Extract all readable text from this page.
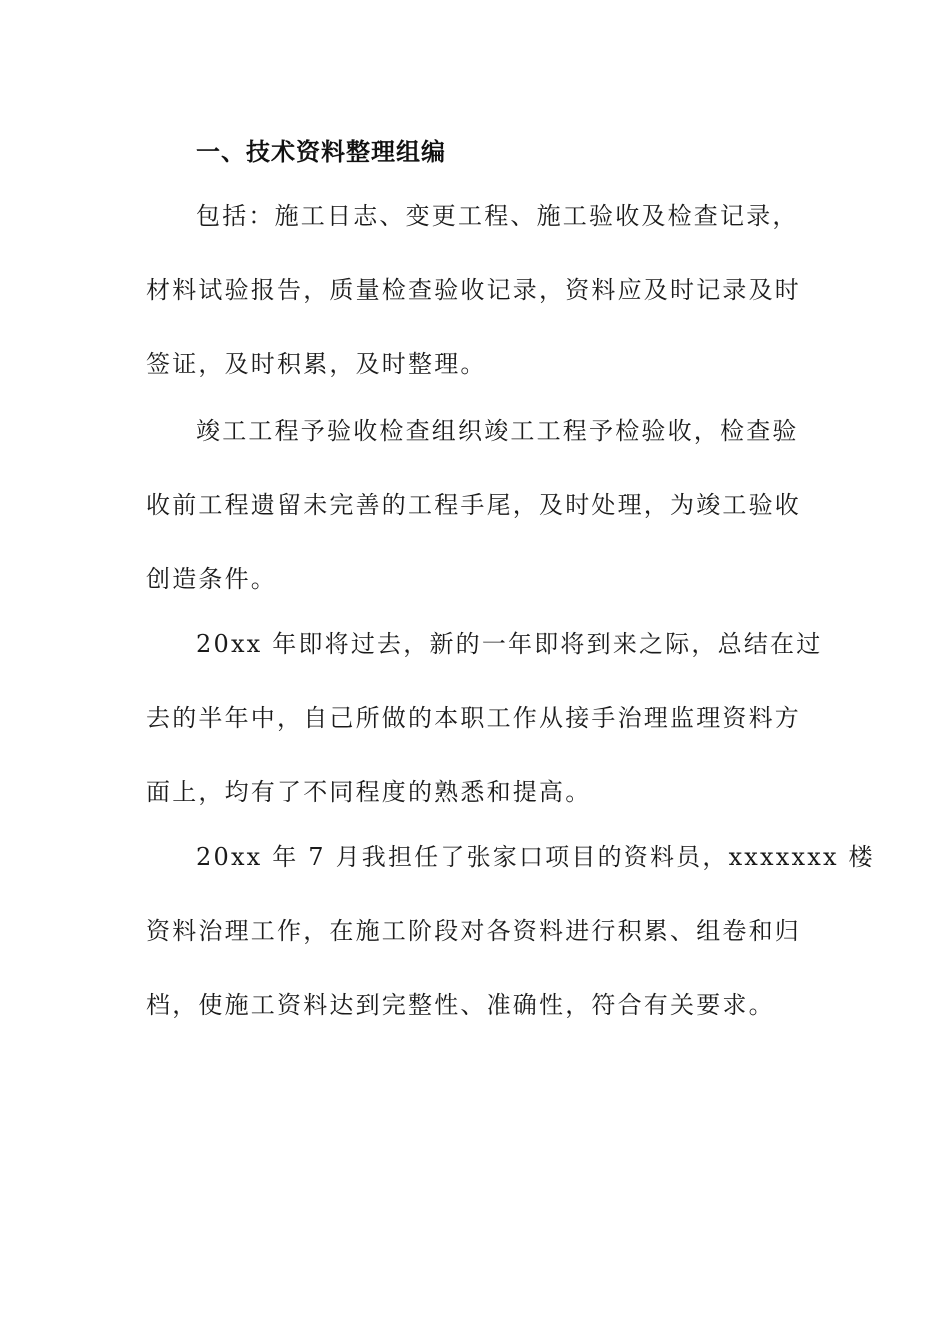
一、技术资料整理组编
包括：施工日志、变更工程、施工验收及检查记录，
材料试验报告，质量检查验收记录，资料应及时记录及时
签证，及时积累，及时整理。
竣工工程予验收检查组织竣工工程予检验收，检查验
收前工程遗留未完善的工程手尾，及时处理，为竣工验收
创造条件。
20xx 年即将过去，新的一年即将到来之际，总结在过
去的半年中，自己所做的本职工作从接手治理监理资料方
面上，均有了不同程度的熟悉和提高。
20xx 年 7 月我担任了张家口项目的资料员，xxxxxxx 楼
资料治理工作，在施工阶段对各资料进行积累、组卷和归
档，使施工资料达到完整性、准确性，符合有关要求。
